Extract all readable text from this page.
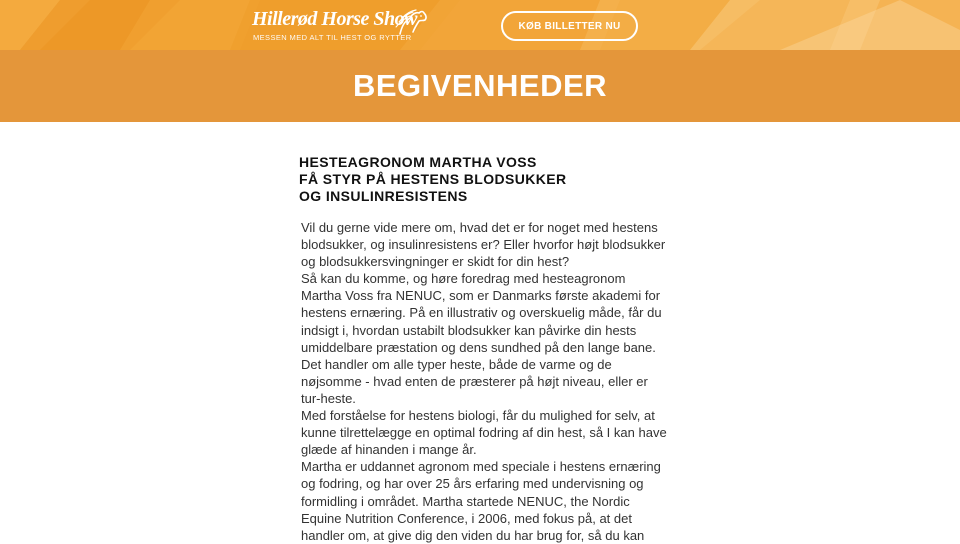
Hillerød Horse Show
MESSEN MED ALT TIL HEST OG RYTTER
KØB BILLETTER NU
BEGIVENHEDER
HESTEAGRONOM MARTHA VOSS
FÅ STYR PÅ HESTENS BLODSUKKER
OG INSULINRESISTENS

Vil du gerne vide mere om, hvad det er for noget med hestens blodsukker, og insulinresistens er? Eller hvorfor højt blodsukker og blodsukkersvingninger er skidt for din hest?

Så kan du komme, og høre foredrag med hesteagronom Martha Voss fra NENUC, som er Danmarks første akademi for hestens ernæring. På en illustrativ og overskuelig måde, får du indsigt i, hvordan ustabilt blodsukker kan påvirke din hests umiddelbare præstation og dens sundhed på den lange bane.

Det handler om alle typer heste, både de varme og de nøjsomme - hvad enten de præsterer på højt niveau, eller er tur-heste.

Med forståelse for hestens biologi, får du mulighed for selv, at kunne tilrettelægge en optimal fodring af din hest, så I kan have glæde af hinanden i mange år.

Martha er uddannet agronom med speciale i hestens ernæring og fodring, og har over 25 års erfaring med undervisning og formidling i området. Martha startede NENUC, the Nordic Equine Nutrition Conference, i 2006, med fokus på, at det handler om, at give dig den viden du har brug for, så du kan
